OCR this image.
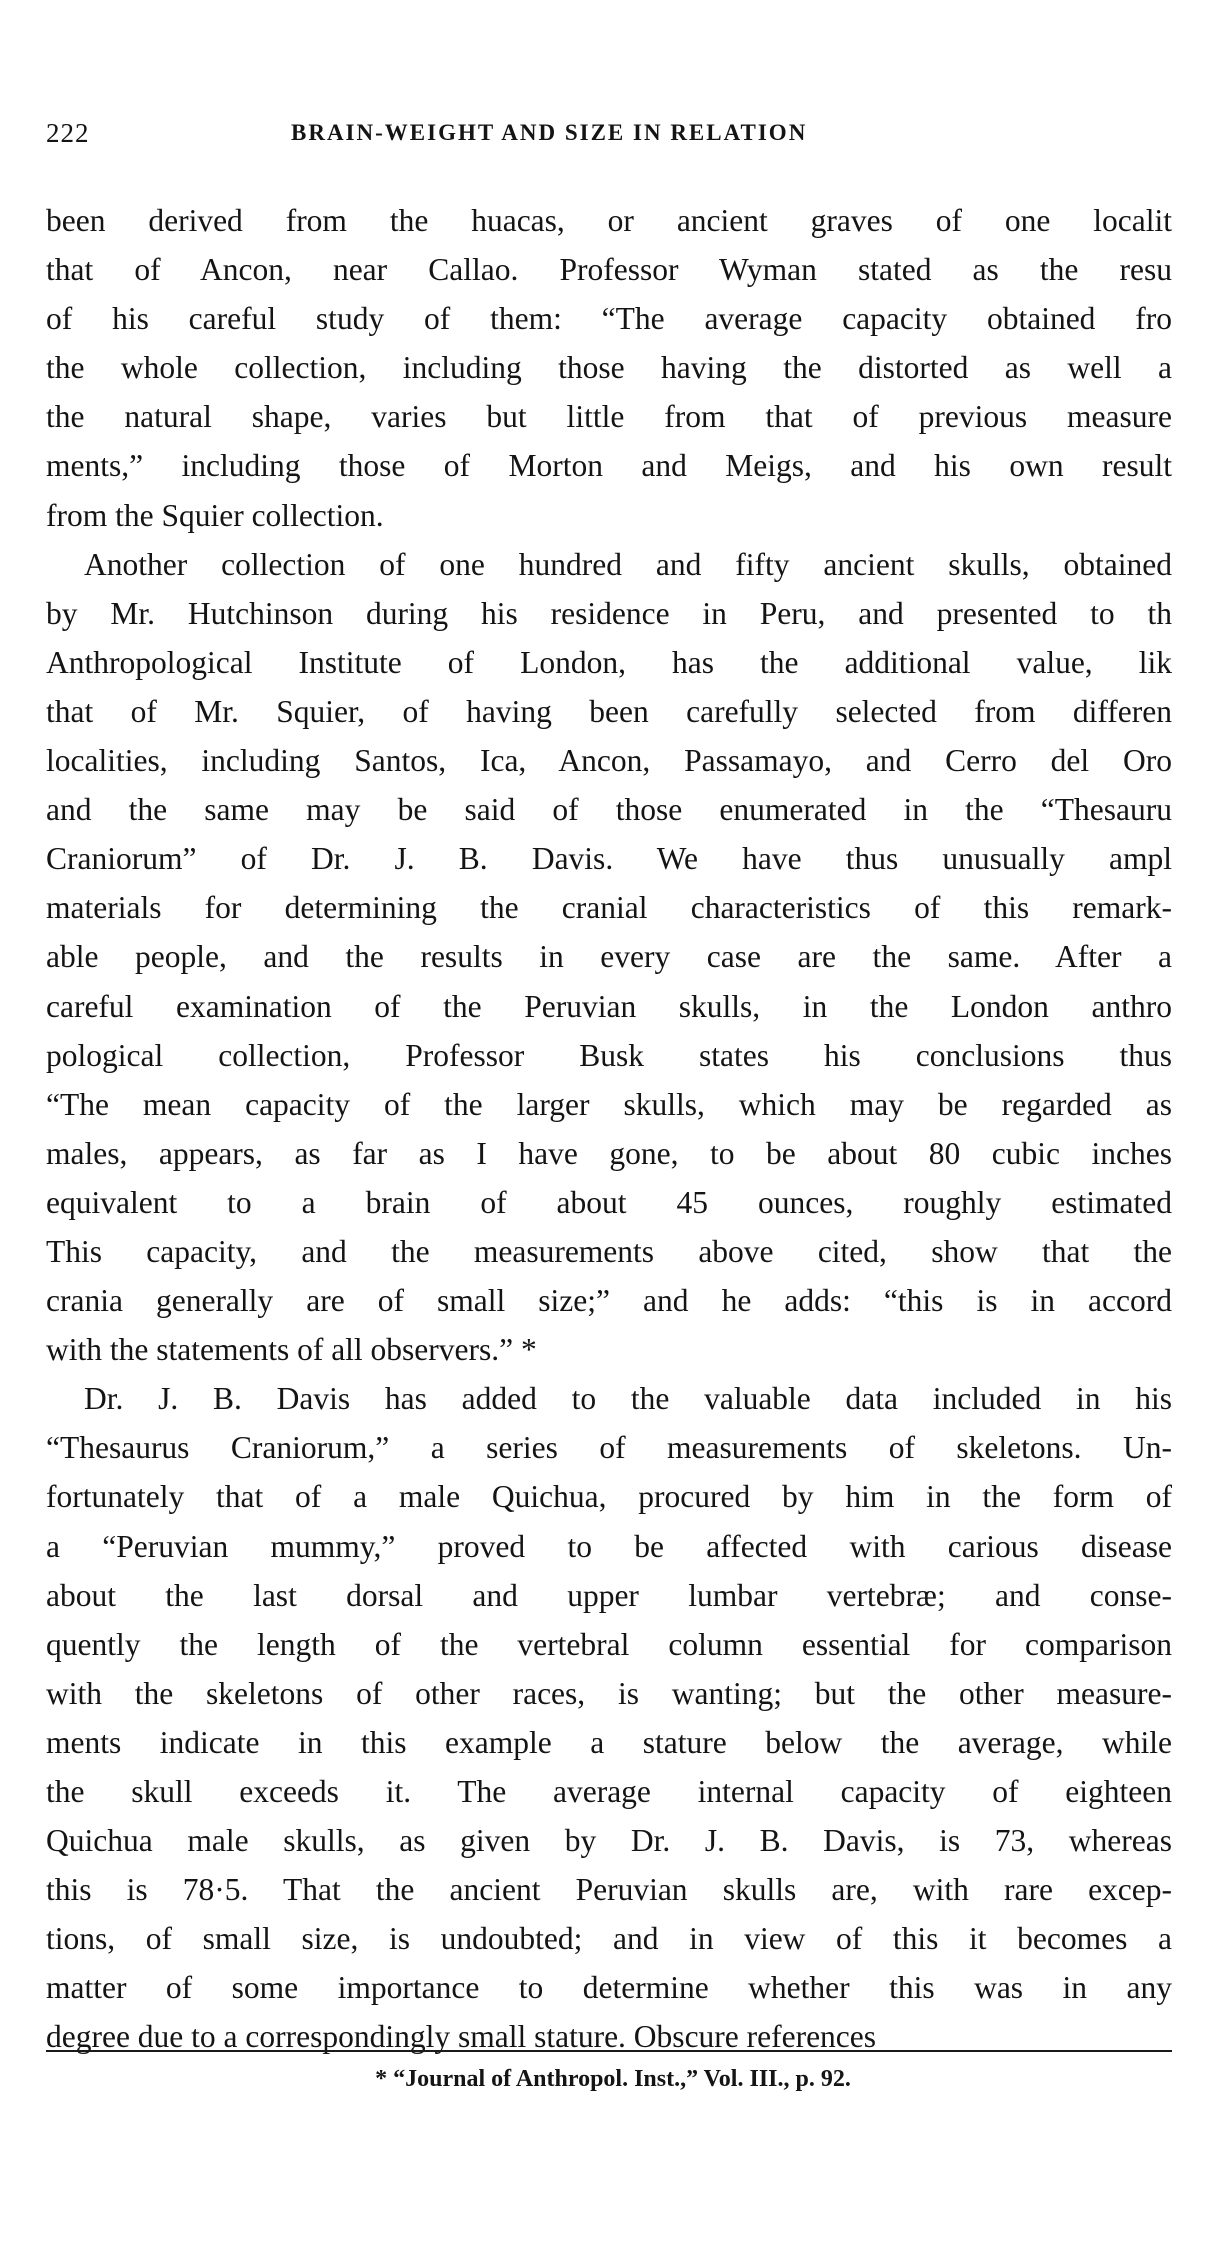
222	BRAIN-WEIGHT AND SIZE IN RELATION
been derived from the huacas, or ancient graves of one localit
that of Ancon, near Callao. Professor Wyman stated as the resu
of his careful study of them: “The average capacity obtained fro
the whole collection, including those having the distorted as well a
the natural shape, varies but little from that of previous measure
ments,” including those of Morton and Meigs, and his own result
from the Squier collection.
Another collection of one hundred and fifty ancient skulls, obtained
by Mr. Hutchinson during his residence in Peru, and presented to th
Anthropological Institute of London, has the additional value, lik
that of Mr. Squier, of having been carefully selected from differen
localities, including Santos, Ica, Ancon, Passamayo, and Cerro del Oro
and the same may be said of those enumerated in the “Thesauru
Craniorum” of Dr. J. B. Davis. We have thus unusually ampl
materials for determining the cranial characteristics of this remark-
able people, and the results in every case are the same. After a
careful examination of the Peruvian skulls, in the London anthro
pological collection, Professor Busk states his conclusions thus
“The mean capacity of the larger skulls, which may be regarded as
males, appears, as far as I have gone, to be about 80 cubic inches
equivalent to a brain of about 45 ounces, roughly estimated
This capacity, and the measurements above cited, show that the
crania generally are of small size;” and he adds: “this is in accord
with the statements of all observers.” *
Dr. J. B. Davis has added to the valuable data included in his
“Thesaurus Craniorum,” a series of measurements of skeletons. Un-
fortunately that of a male Quichua, procured by him in the form of
a “Peruvian mummy,” proved to be affected with carious disease
about the last dorsal and upper lumbar vertebræ; and conse-
quently the length of the vertebral column essential for comparison
with the skeletons of other races, is wanting; but the other measure-
ments indicate in this example a stature below the average, while
the skull exceeds it. The average internal capacity of eighteen
Quichua male skulls, as given by Dr. J. B. Davis, is 73, whereas
this is 78·5. That the ancient Peruvian skulls are, with rare excep-
tions, of small size, is undoubted; and in view of this it becomes a
matter of some importance to determine whether this was in any
degree due to a correspondingly small stature. Obscure references
* “Journal of Anthropol. Inst.,” Vol. III., p. 92.
